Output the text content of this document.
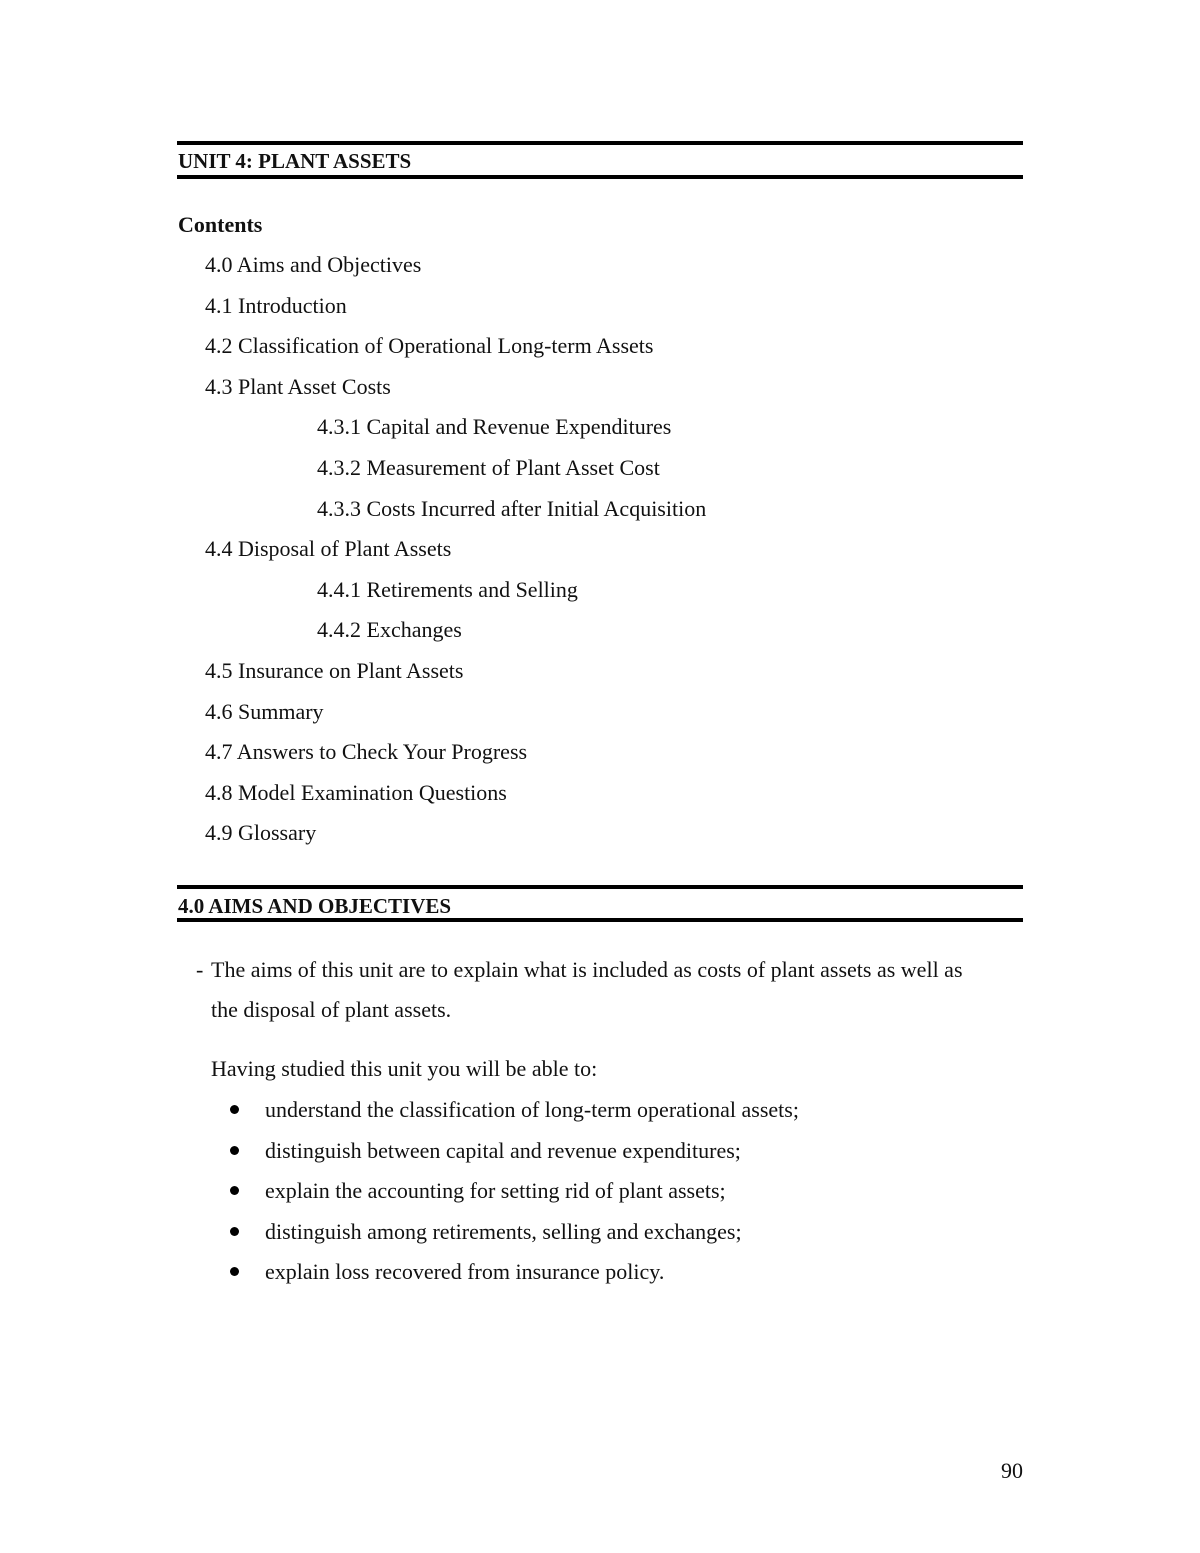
UNIT 4: PLANT ASSETS
Contents
4.0 Aims and Objectives
4.1 Introduction
4.2 Classification of Operational Long-term Assets
4.3 Plant Asset Costs
4.3.1 Capital and Revenue Expenditures
4.3.2 Measurement of Plant Asset Cost
4.3.3 Costs Incurred after Initial Acquisition
4.4 Disposal of Plant Assets
4.4.1 Retirements and Selling
4.4.2 Exchanges
4.5 Insurance on Plant Assets
4.6 Summary
4.7 Answers to Check Your Progress
4.8 Model Examination Questions
4.9 Glossary
4.0 AIMS AND OBJECTIVES
- The aims of this unit are to explain what is included as costs of plant assets as well as
the disposal of plant assets.
Having studied this unit you will be able to:
understand the classification of long-term operational assets;
distinguish between capital and revenue expenditures;
explain the accounting for setting rid of plant assets;
distinguish among retirements, selling and exchanges;
explain loss recovered from insurance policy.
90
